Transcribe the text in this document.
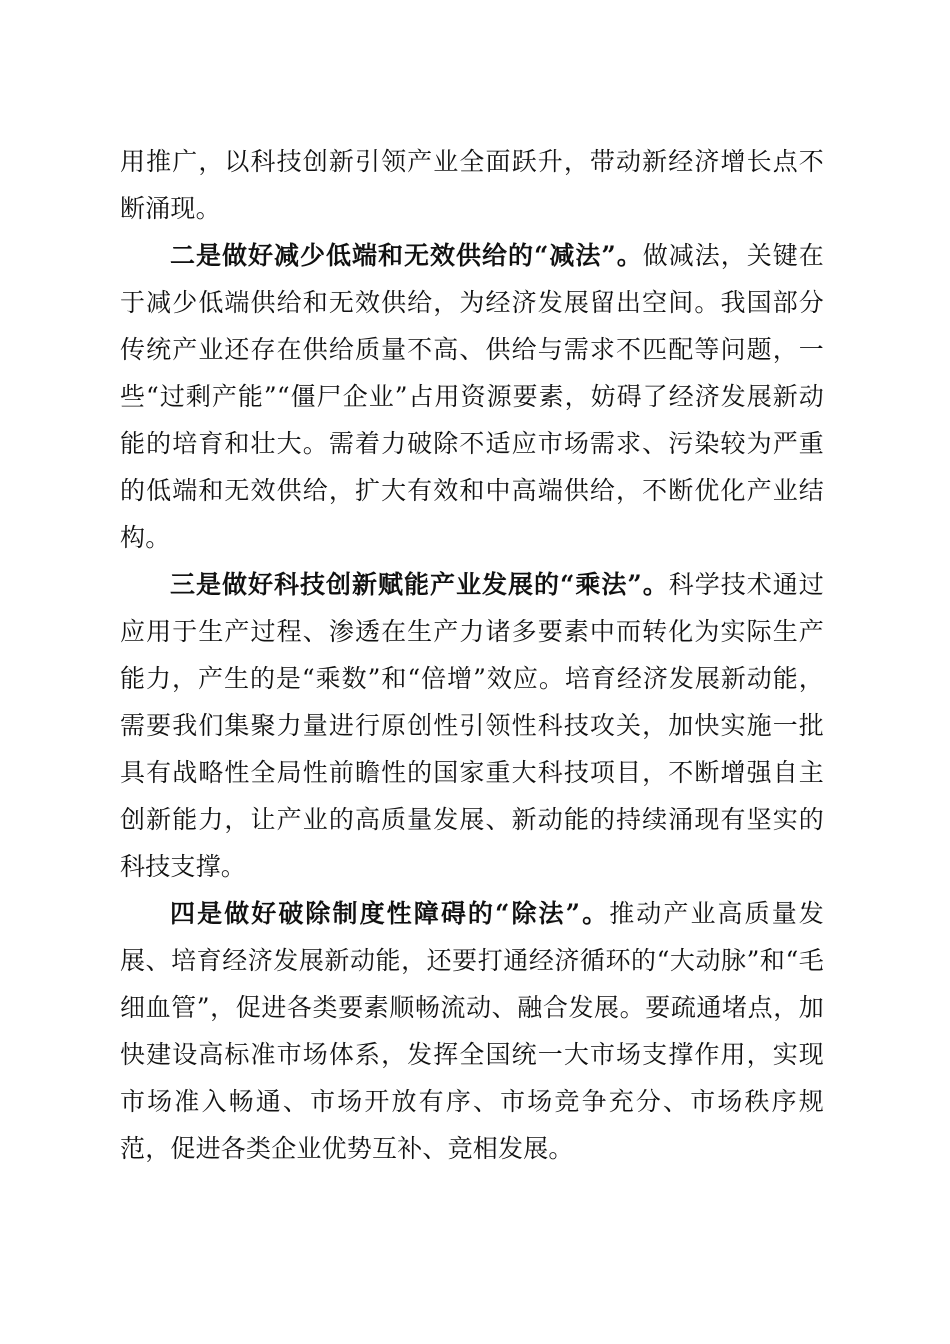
用推广，以科技创新引领产业全面跃升，带动新经济增长点不断涌现。

二是做好减少低端和无效供给的“减法”。做减法，关键在于减少低端供给和无效供给，为经济发展留出空间。我国部分传统产业还存在供给质量不高、供给与需求不匹配等问题，一些“过剩产能”“僵尸企业”占用资源要素，妨碍了经济发展新动能的培育和壮大。需着力破除不适应市场需求、污染较为严重的低端和无效供给，扩大有效和中高端供给，不断优化产业结构。

三是做好科技创新赋能产业发展的“乘法”。科学技术通过应用于生产过程、渗透在生产力诸多要素中而转化为实际生产能力，产生的是“乘数”和“倍增”效应。培育经济发展新动能，需要我们集聚力量进行原创性引领性科技攻关，加快实施一批具有战略性全局性前瞻性的国家重大科技项目，不断增强自主创新能力，让产业的高质量发展、新动能的持续涌现有坚实的科技支撑。

四是做好破除制度性障碍的“除法”。推动产业高质量发展、培育经济发展新动能，还要打通经济循环的“大动脉”和“毛细血管”，促进各类要素顺畅流动、融合发展。要疏通堵点，加快建设高标准市场体系，发挥全国统一大市场支撑作用，实现市场准入畅通、市场开放有序、市场竞争充分、市场秩序规范，促进各类企业优势互补、竞相发展。
